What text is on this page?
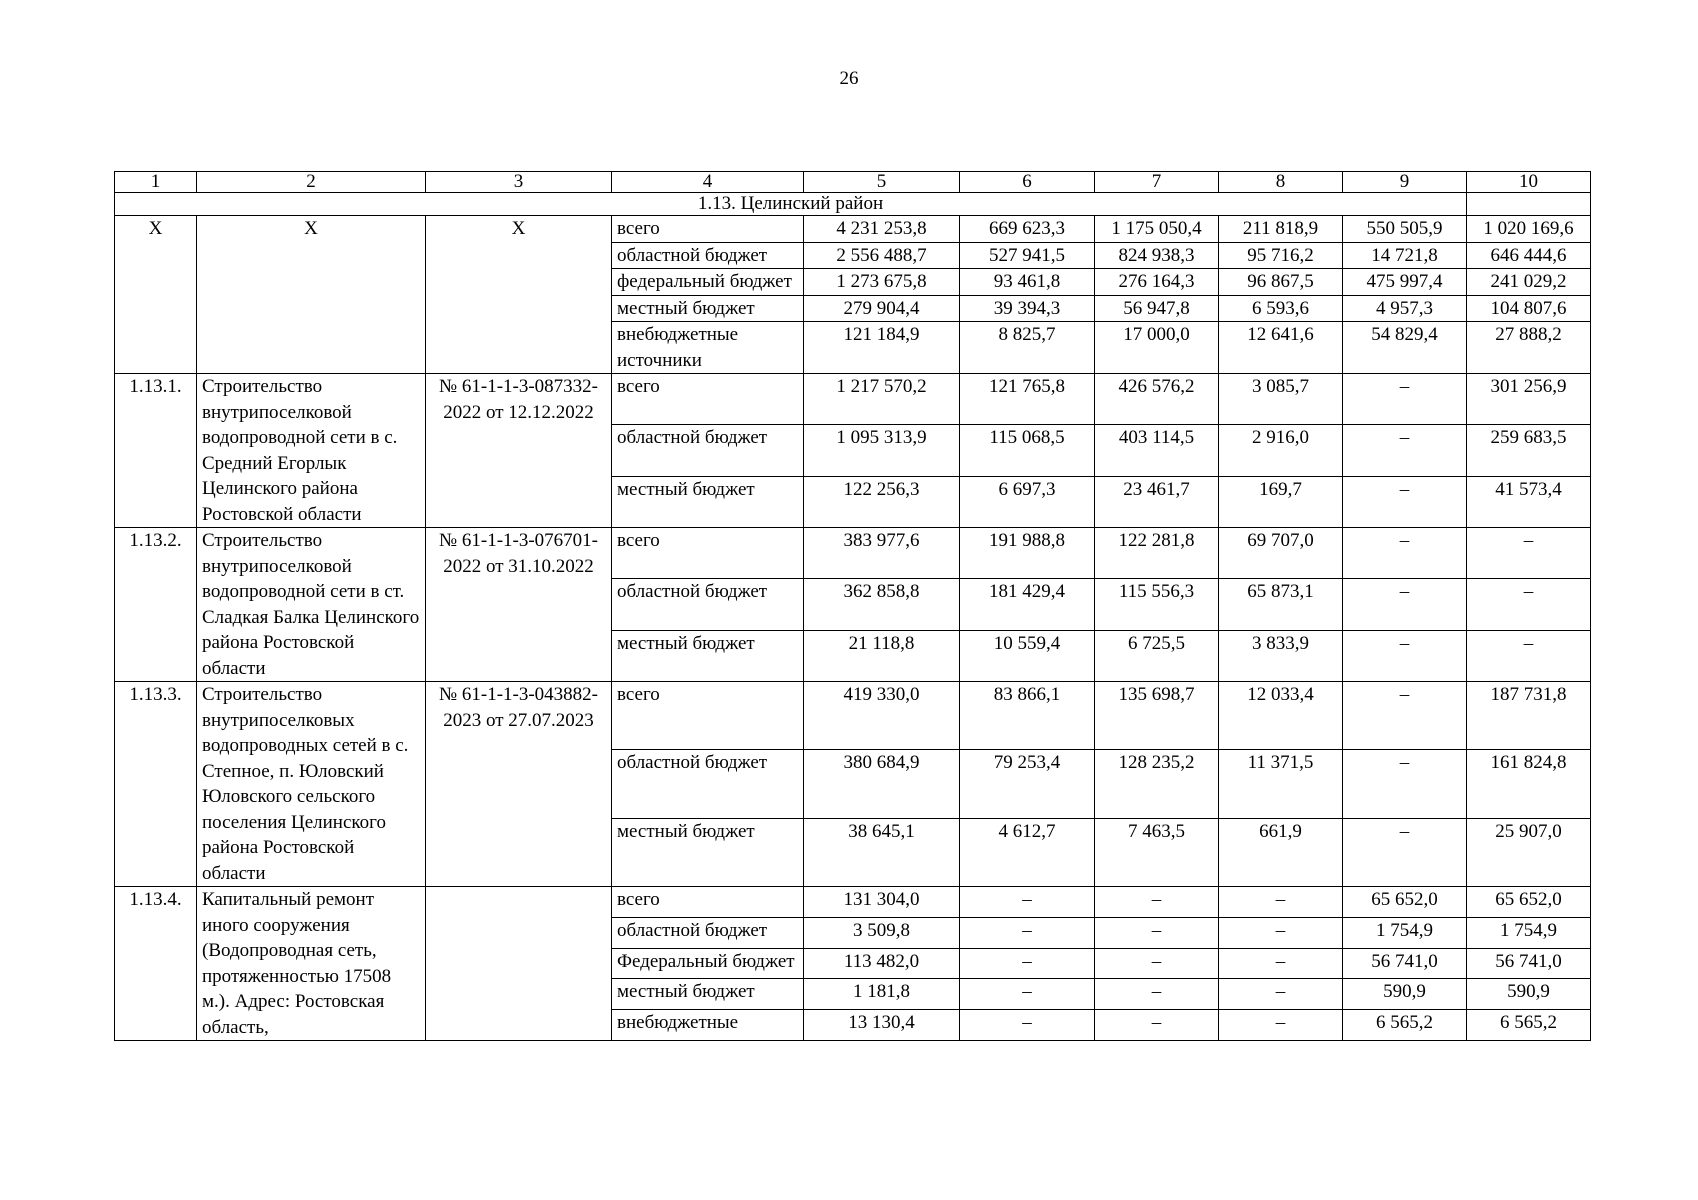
26
1	2	3	4	5	6	7	8	9	10
1.13. Целинский район									
Х	Х	Х	всего	4 231 253,8	669 623,3	1 175 050,4	211 818,9	550 505,9	1 020 169,6
			областной бюджет	2 556 488,7	527 941,5	824 938,3	95 716,2	14 721,8	646 444,6
			федеральный бюджет	1 273 675,8	93 461,8	276 164,3	96 867,5	475 997,4	241 029,2
			местный бюджет	279 904,4	39 394,3	56 947,8	6 593,6	4 957,3	104 807,6
			внебюджетные источники	121 184,9	8 825,7	17 000,0	12 641,6	54 829,4	27 888,2
1.13.1.	Строительство внутрипоселковой водопроводной сети в с. Средний Егорлык Целинского района Ростовской области	№ 61-1-1-3-087332-2022 от 12.12.2022	всего	1 217 570,2	121 765,8	426 576,2	3 085,7	–	301 256,9
			областной бюджет	1 095 313,9	115 068,5	403 114,5	2 916,0	–	259 683,5
			местный бюджет	122 256,3	6 697,3	23 461,7	169,7	–	41 573,4
1.13.2.	Строительство внутрипоселковой водопроводной сети в ст. Сладкая Балка Целинского района Ростовской области	№ 61-1-1-3-076701-2022 от 31.10.2022	всего	383 977,6	191 988,8	122 281,8	69 707,0	–	–
			областной бюджет	362 858,8	181 429,4	115 556,3	65 873,1	–	–
			местный бюджет	21 118,8	10 559,4	6 725,5	3 833,9	–	–
1.13.3.	Строительство внутрипоселковых водопроводных сетей в с. Степное, п. Юловский Юловского сельского поселения Целинского района Ростовской области	№ 61-1-1-3-043882-2023 от 27.07.2023	всего	419 330,0	83 866,1	135 698,7	12 033,4	–	187 731,8
			областной бюджет	380 684,9	79 253,4	128 235,2	11 371,5	–	161 824,8
			местный бюджет	38 645,1	4 612,7	7 463,5	661,9	–	25 907,0
1.13.4.	Капитальный ремонт иного сооружения (Водопроводная сеть, протяженностью 17508 м.). Адрес: Ростовская область,		всего	131 304,0	–	–	–	65 652,0	65 652,0
			областной бюджет	3 509,8	–	–	–	1 754,9	1 754,9
			Федеральный бюджет	113 482,0	–	–	–	56 741,0	56 741,0
			местный бюджет	1 181,8	–	–	–	590,9	590,9
			внебюджетные	13 130,4	–	–	–	6 565,2	6 565,2
